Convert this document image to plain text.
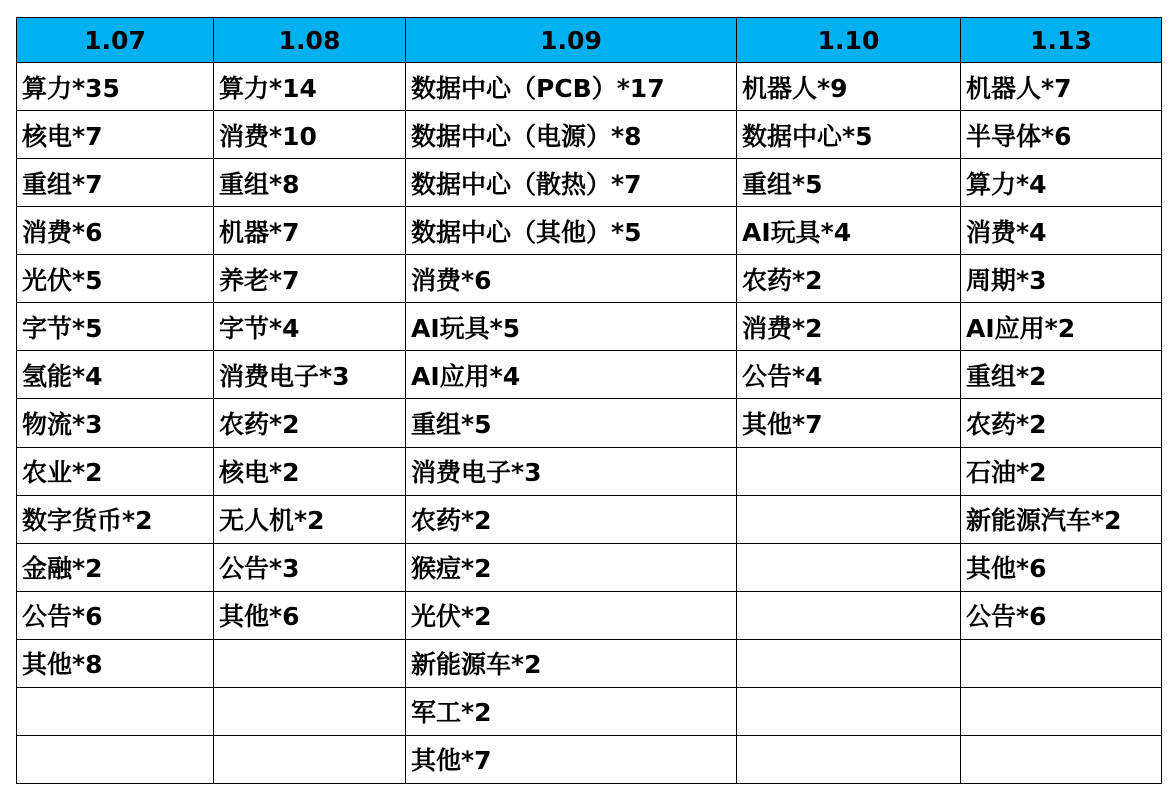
1.07	1.08	1.09	1.10	1.13
算力*35	算力*14	数据中心（PCB）*17	机器人*9	机器人*7
核电*7	消费*10	数据中心（电源）*8	数据中心*5	半导体*6
重组*7	重组*8	数据中心（散热）*7	重组*5	算力*4
消费*6	机器*7	数据中心（其他）*5	AI玩具*4	消费*4
光伏*5	养老*7	消费*6	农药*2	周期*3
字节*5	字节*4	AI玩具*5	消费*2	AI应用*2
氢能*4	消费电子*3	AI应用*4	公告*4	重组*2
物流*3	农药*2	重组*5	其他*7	农药*2
农业*2	核电*2	消费电子*3		石油*2
数字货币*2	无人机*2	农药*2		新能源汽车*2
金融*2	公告*3	猴痘*2		其他*6
公告*6	其他*6	光伏*2		公告*6
其他*8		新能源车*2		
		军工*2		
		其他*7		
